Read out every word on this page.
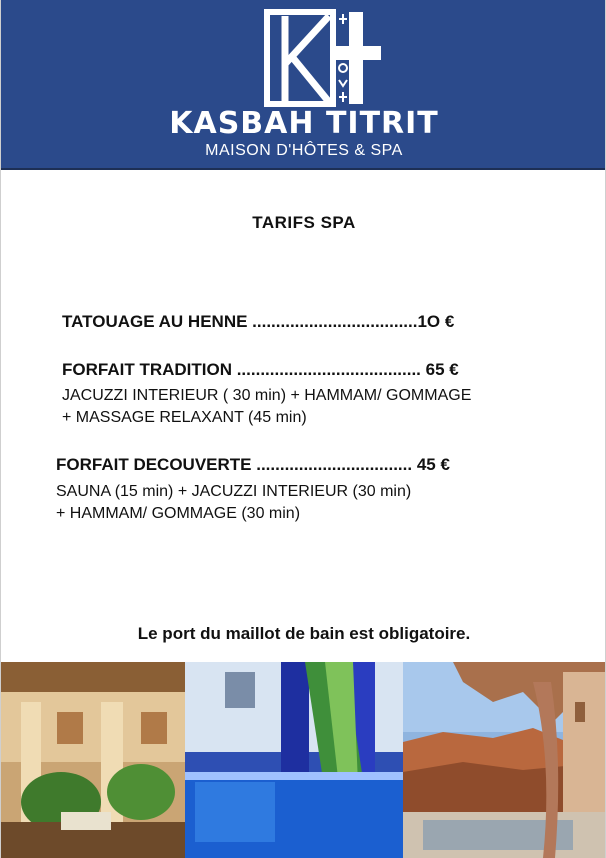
KASBAH TITRIT
MAISON D'HÔTES & SPA
TARIFS SPA
TATOUAGE AU HENNE ...................................1O €
FORFAIT TRADITION ....................................... 65 €
JACUZZI INTERIEUR ( 30 min) + HAMMAM/ GOMMAGE
+ MASSAGE RELAXANT (45 min)
FORFAIT DECOUVERTE ................................. 45 €
SAUNA (15 min) + JACUZZI INTERIEUR (30 min)
+ HAMMAM/ GOMMAGE (30 min)
Le port du maillot de bain est obligatoire.
